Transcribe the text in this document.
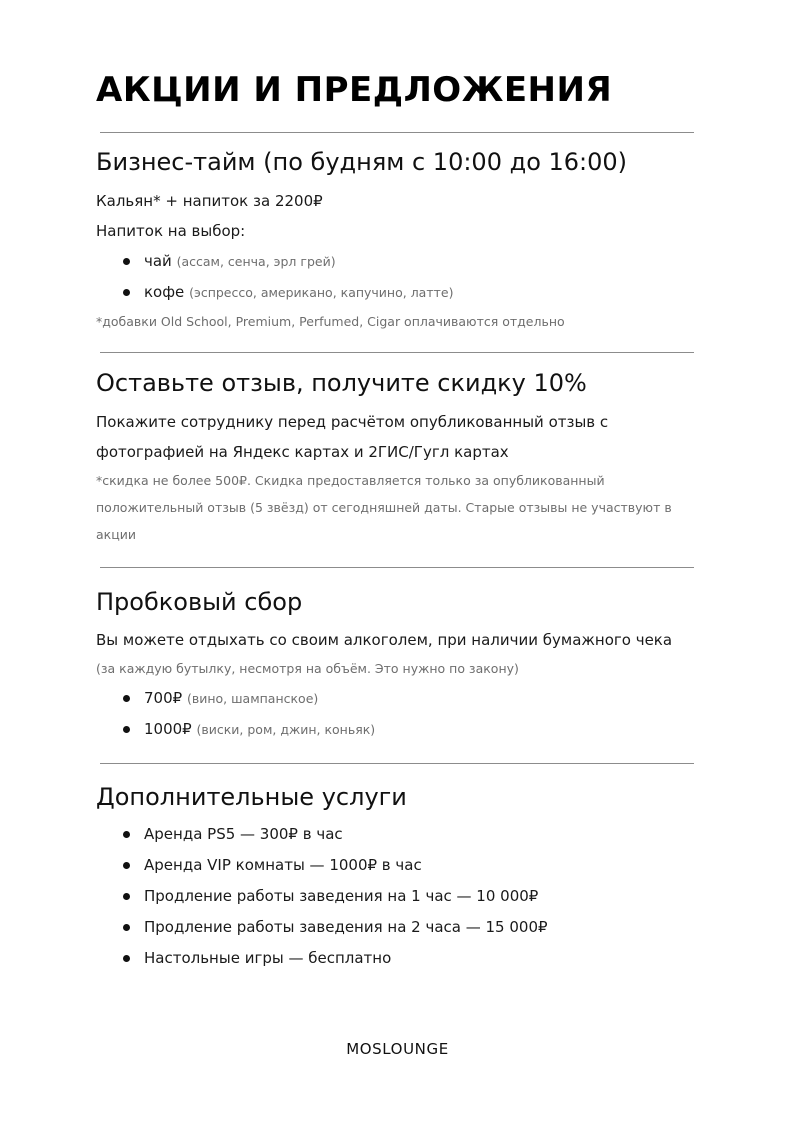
АКЦИИ И ПРЕДЛОЖЕНИЯ
Бизнес-тайм (по будням с 10:00 до 16:00)

Кальян* + напиток за 2200₽

Напиток на выбор:

чай (ассам, сенча, эрл грей)
кофе (эспрессо, американо, капучино, латте)

*добавки Old School, Premium, Perfumed, Cigar оплачиваются отдельно

Оставьте отзыв, получите скидку 10%

Покажите сотруднику перед расчётом опубликованный отзыв с фотографией на Яндекс картах и 2ГИС/Гугл картах

*скидка не более 500₽. Скидка предоставляется только за опубликованный положительный отзыв (5 звёзд) от сегодняшней даты. Старые отзывы не участвуют в акции

Пробковый сбор

Вы можете отдыхать со своим алкоголем, при наличии бумажного чека (за каждую бутылку, несмотря на объём. Это нужно по закону)

700₽ (вино, шампанское)
1000₽ (виски, ром, джин, коньяк)
Дополнительные услуги
Аренда PS5 — 300₽ в час
Аренда VIP комнаты — 1000₽ в час
Продление работы заведения на 1 час — 10 000₽
Продление работы заведения на 2 часа — 15 000₽
Настольные игры — бесплатно
MOSLOUNGE
